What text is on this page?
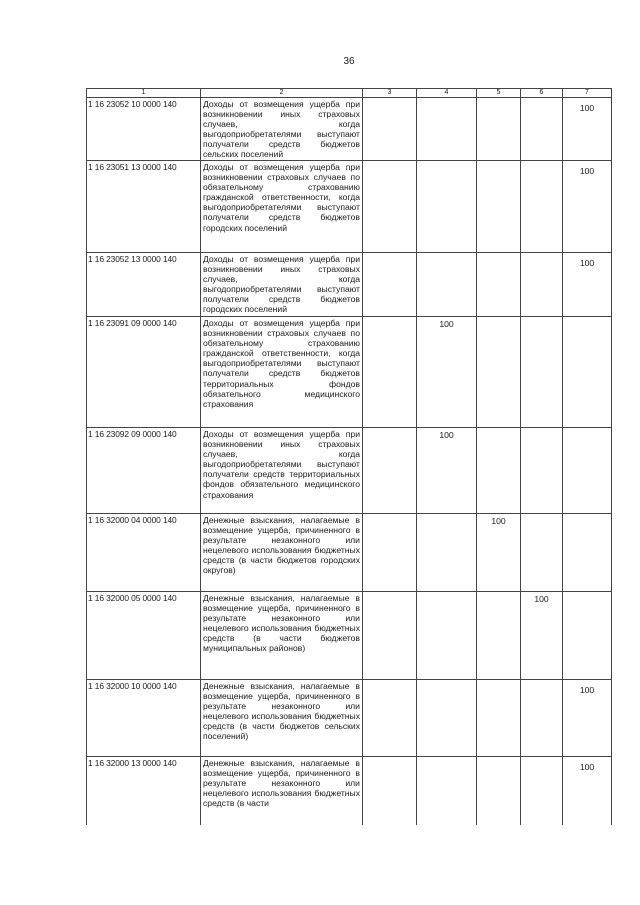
36
1	2	3	4	5	6	7
1 16 23052 10 0000 140	Доходы от возмещения ущерба при возникновении иных страховых случаев, когда выгодоприобретателями выступают получатели средств бюджетов сельских поселений					100

1 16 23051 13 0000 140	Доходы от возмещения ущерба при возникновении страховых случаев по обязательному страхованию гражданской ответственности, когда выгодоприобретателями выступают получатели средств бюджетов городских поселений					100

1 16 23052 13 0000 140	Доходы от возмещения ущерба при возникновении иных страховых случаев, когда выгодоприобретателями выступают получатели средств бюджетов городских поселений					100

1 16 23091 09 0000 140	Доходы от возмещения ущерба при возникновении страховых случаев по обязательному страхованию гражданской ответственности, когда выгодоприобретателями выступают получатели средств бюджетов территориальных фондов обязательного медицинского страхования		100			

1 16 23092 09 0000 140	Доходы от возмещения ущерба при возникновении иных страховых случаев, когда выгодоприобретателями выступают получатели средств территориальных фондов обязательного медицинского страхования		100			

1 16 32000 04 0000 140	Денежные взыскания, налагаемые в возмещение ущерба, причиненного в результате незаконного или нецелевого использования бюджетных средств (в части бюджетов городских округов)			100		

1 16 32000 05 0000 140	Денежные взыскания, налагаемые в возмещение ущерба, причиненного в результате незаконного или нецелевого использования бюджетных средств (в части бюджетов муниципальных районов)				100	

1 16 32000 10 0000 140	Денежные взыскания, налагаемые в возмещение ущерба, причиненного в результате незаконного или нецелевого использования бюджетных средств (в части бюджетов сельских поселений)					100

1 16 32000 13 0000 140	Денежные взыскания, налагаемые в возмещение ущерба, причиненного в результате незаконного или нецелевого использования бюджетных средств (в части					100
